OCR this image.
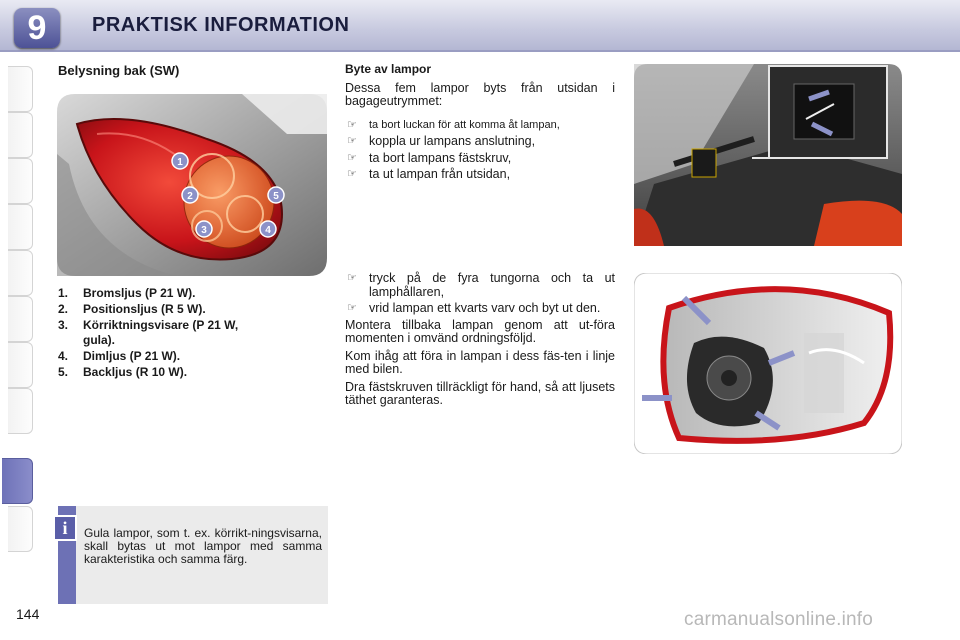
9	PRAKTISK INFORMATION
Belysning bak (SW)
1
2
3	4
5
1. Bromsljus (P 21 W).
2. Positionsljus (R 5 W).
3. Körriktningsvisare (P 21 W, gula).
4. Dimljus (P 21 W).
5. Backljus (R 10 W).
i	Gula lampor, som t. ex. körrikt-ningsvisarna, skall bytas ut mot lampor med samma karakteristika och samma färg.
Byte av lampor

Dessa fem lampor byts från utsidan i bagageutrymmet:

☞ ta bort luckan för att komma åt lampan,
☞ koppla ur lampans anslutning,
☞ ta bort lampans fästskruv,
☞ ta ut lampan från utsidan,
☞ tryck på de fyra tungorna och ta ut lamphållaren,
☞ vrid lampan ett kvarts varv och byt ut den.

Montera tillbaka lampan genom att ut-föra momenten i omvänd ordningsföljd.

Kom ihåg att föra in lampan i dess fäs-ten i linje med bilen.

Dra fästskruven tillräckligt för hand, så att ljusets täthet garanteras.

144	carmanualsonline.info
